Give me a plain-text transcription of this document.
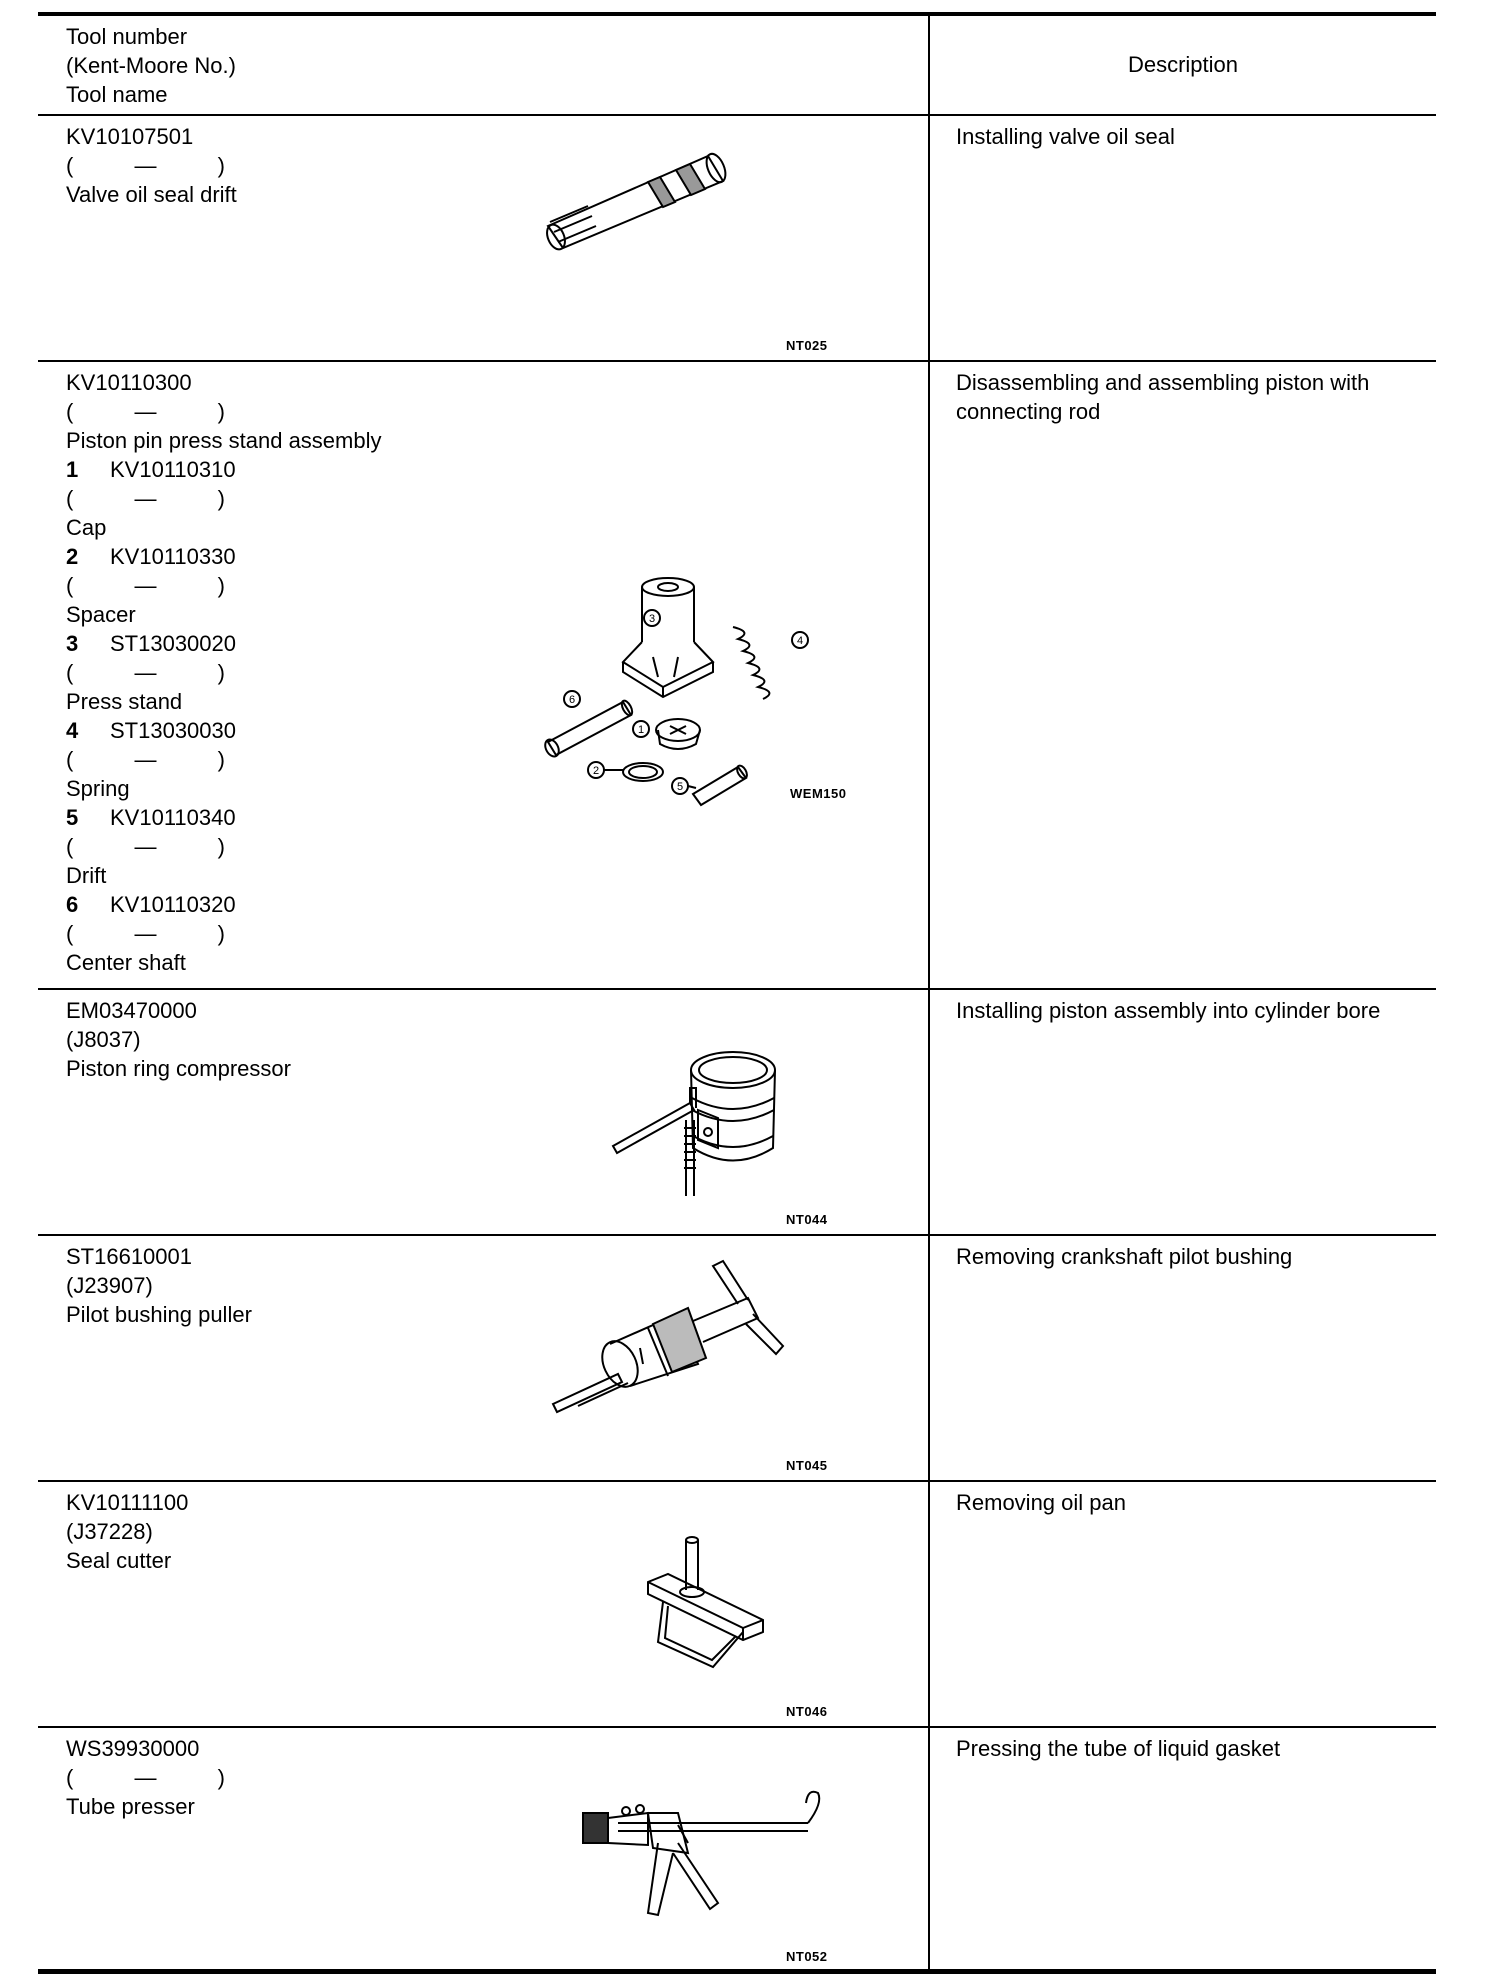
Tool number
(Kent-Moore No.)
Tool name
Description
KV10107501
(          —          )
Valve oil seal drift
NT025
Installing valve oil seal
KV10110300
(          —          )
Piston pin press stand assembly
1 KV10110310
(          —          )
Cap
2 KV10110330
(          —          )
Spacer
3 ST13030020
(          —          )
Press stand
4 ST13030030
(          —          )
Spring
5 KV10110340
(          —          )
Drift
6 KV10110320
(          —          )
Center shaft
3
4
6
1
2
5	WEM150
Disassembling and assembling piston with connecting rod
EM03470000
(J8037)
Piston ring compressor
NT044
Installing piston assembly into cylinder bore
ST16610001
(J23907)
Pilot bushing puller
NT045
Removing crankshaft pilot bushing
KV10111100
(J37228)
Seal cutter
NT046
Removing oil pan
WS39930000
(          —          )
Tube presser
NT052
Pressing the tube of liquid gasket
